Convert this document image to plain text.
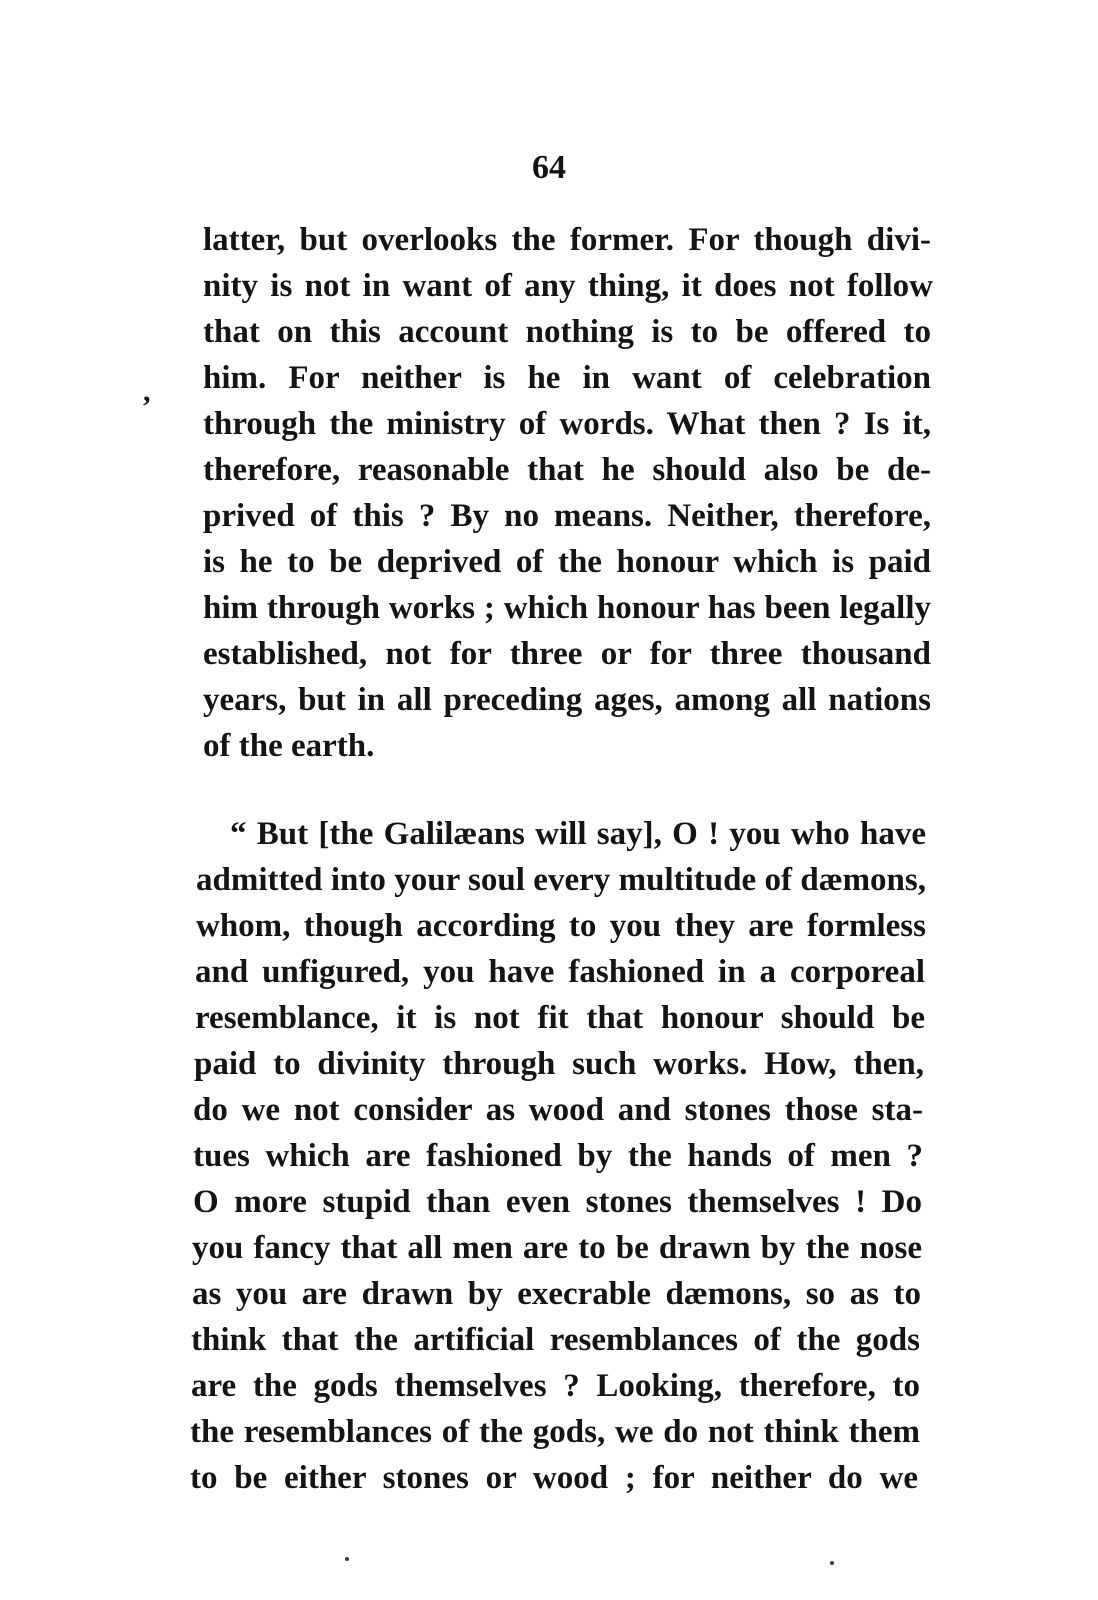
64
,
latter, but overlooks the former. For though divi-
nity is not in want of any thing, it does not follow
that on this account nothing is to be offered to
him. For neither is he in want of celebration
through the ministry of words. What then ? Is it,
therefore, reasonable that he should also be de-
prived of this ? By no means. Neither, therefore,
is he to be deprived of the honour which is paid
him through works ; which honour has been legally
established, not for three or for three thousand
years, but in all preceding ages, among all nations
of the earth.
“ But [the Galilæans will say], O ! you who have
admitted into your soul every multitude of dæmons,
whom, though according to you they are formless
and unfigured, you have fashioned in a corporeal
resemblance, it is not fit that honour should be
paid to divinity through such works. How, then,
do we not consider as wood and stones those sta-
tues which are fashioned by the hands of men ?
O more stupid than even stones themselves ! Do
you fancy that all men are to be drawn by the nose
as you are drawn by execrable dæmons, so as to
think that the artificial resemblances of the gods
are the gods themselves ? Looking, therefore, to
the resemblances of the gods, we do not think them
to be either stones or wood ; for neither do we
